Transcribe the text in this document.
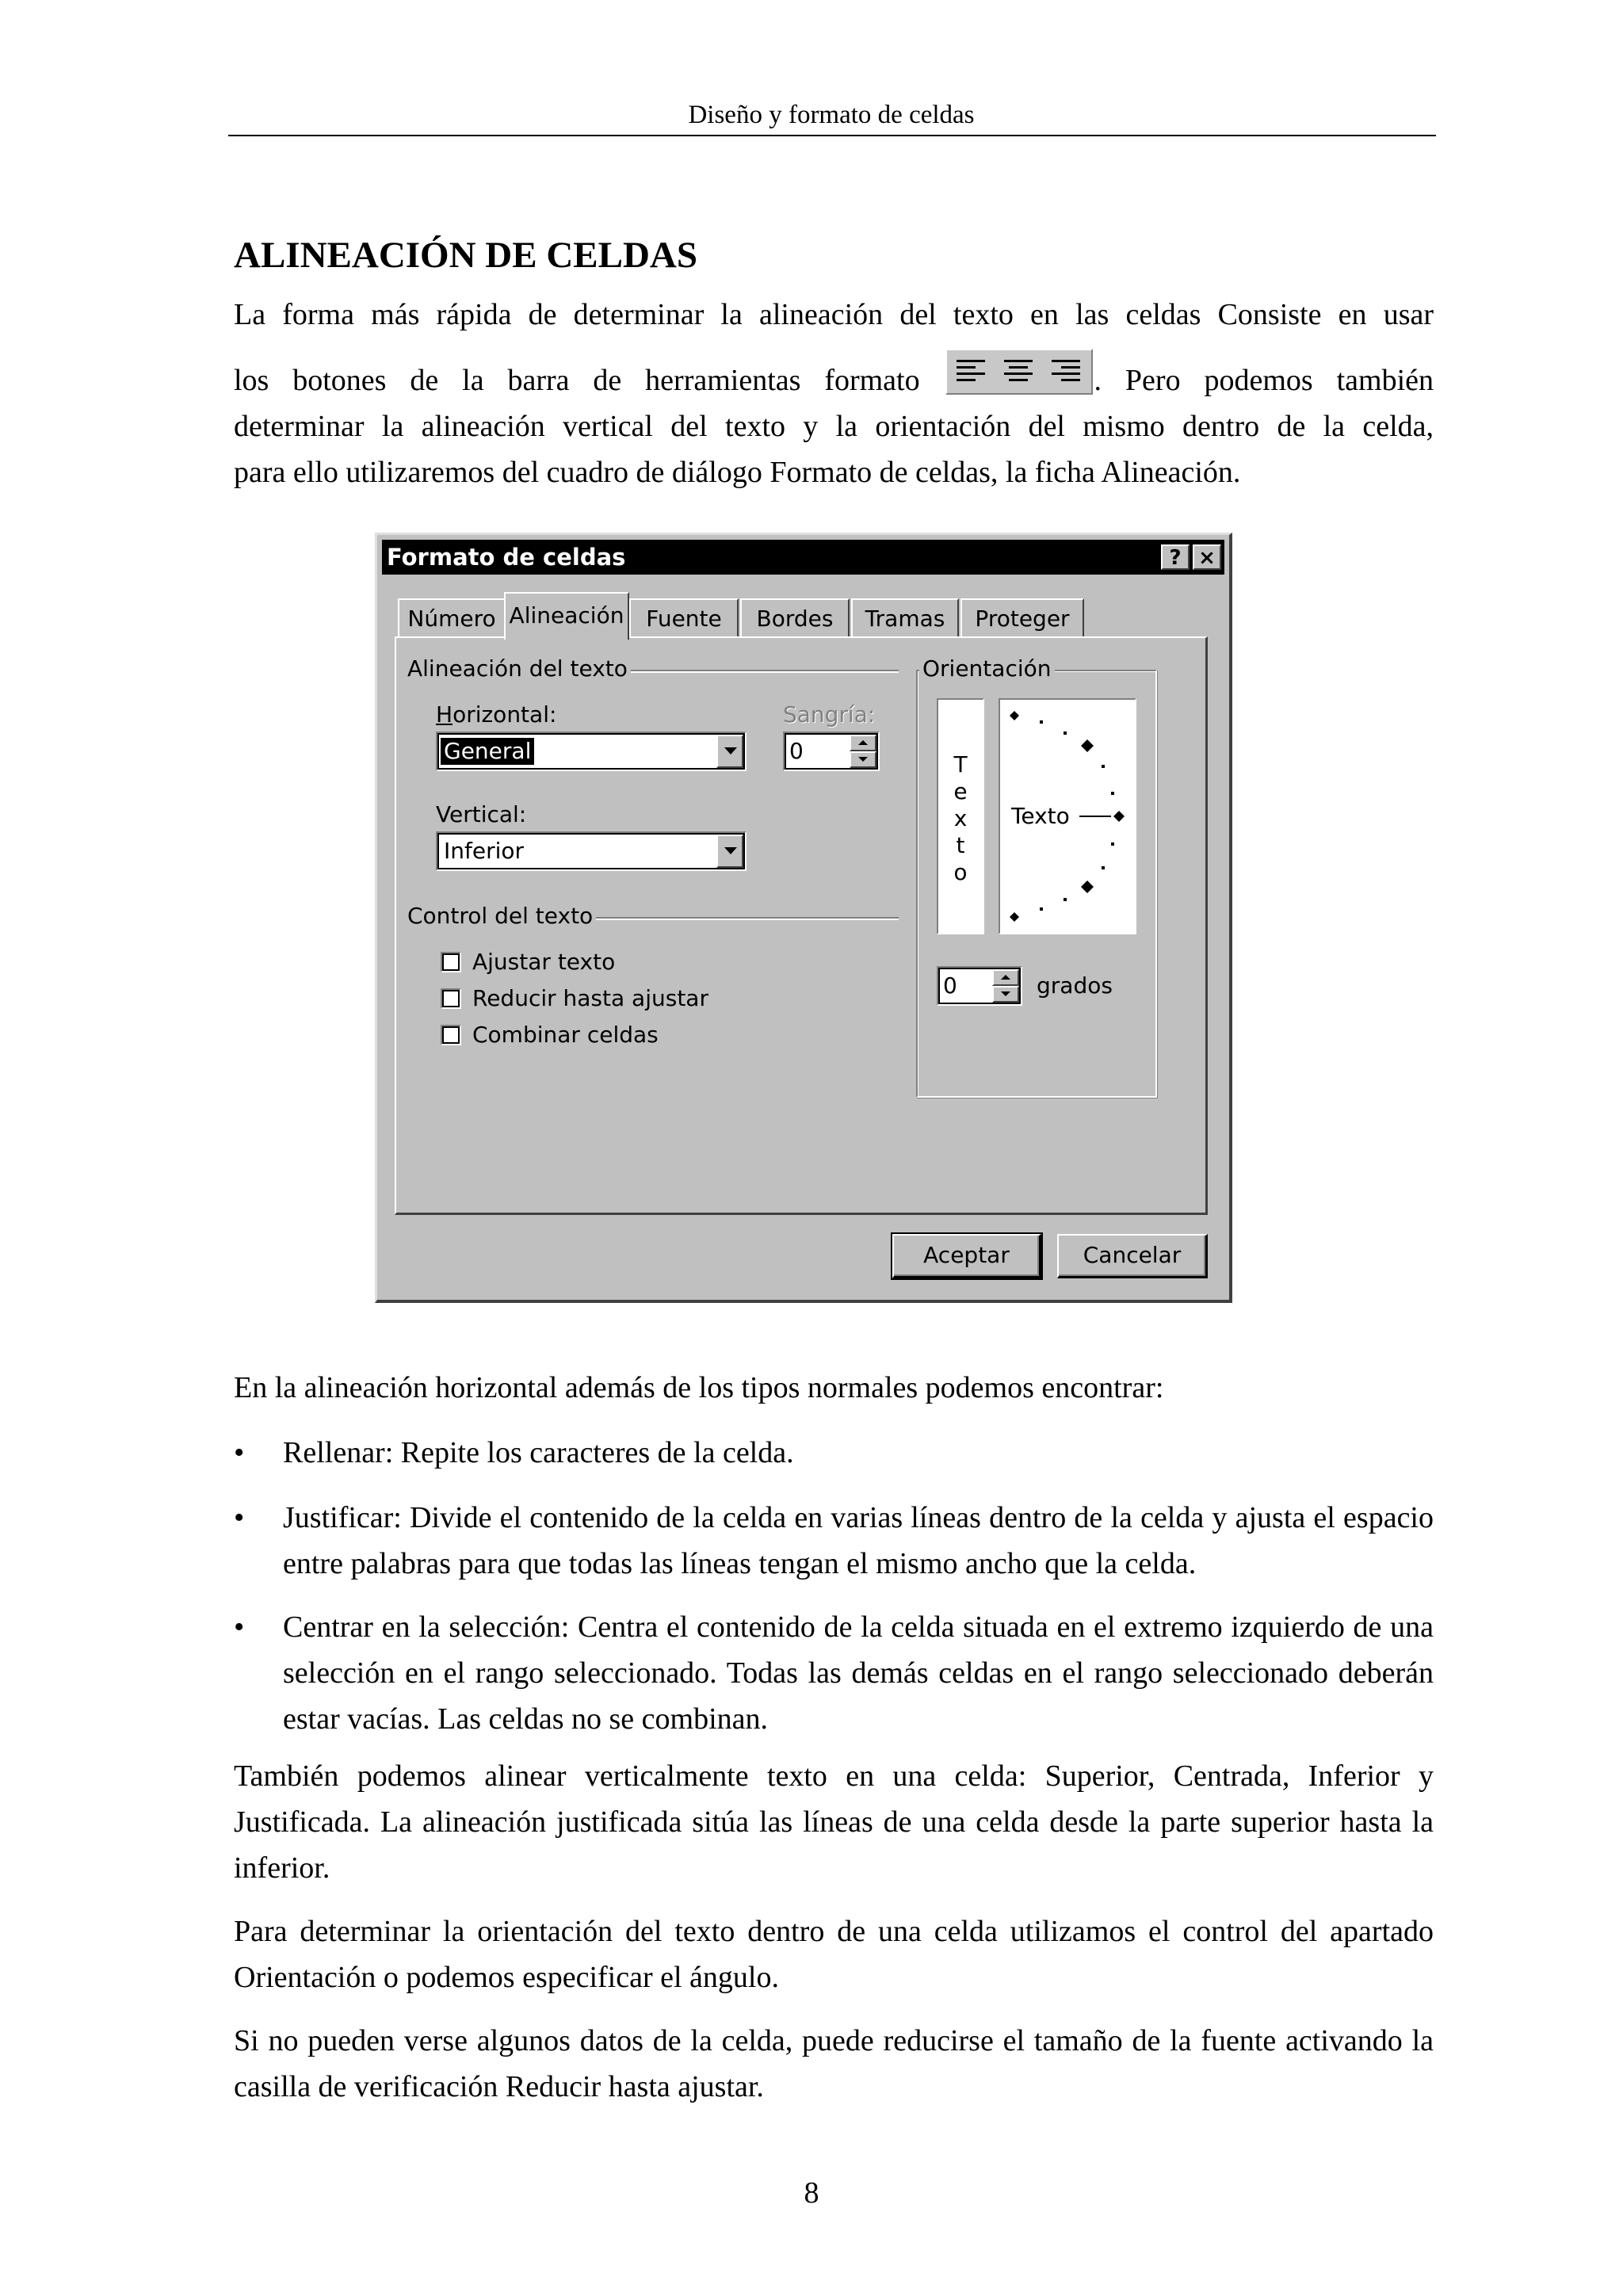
Diseño y formato de celdas
ALINEACIÓN DE CELDAS
La forma más rápida de determinar la alineación del texto en las celdas Consiste en usar
los botones de la barra de herramientas formato	. Pero podemos también
determinar la alineación vertical del texto y la orientación del mismo dentro de la celda,
para ello utilizaremos del cuadro de diálogo Formato de celdas, la ficha Alineación.
Formato de celdas	? ×
Número Alineación Fuente	Bordes	Tramas	Proteger
Alineación del texto
Horizontal:
General
Sangría:
0
Vertical:
Inferior
Control del texto
Ajustar texto
Reducir hasta ajustar
Combinar celdas
Orientación
T
e
x
t
o
Texto
0	grados
Aceptar	Cancelar

En la alineación horizontal además de los tipos normales podemos encontrar:

•	Rellenar: Repite los caracteres de la celda.
•	Justificar: Divide el contenido de la celda en varias líneas dentro de la celda y ajusta el espacio entre palabras para que todas las líneas tengan el mismo ancho que la celda.
•	Centrar en la selección: Centra el contenido de la celda situada en el extremo izquierdo de una selección en el rango seleccionado. Todas las demás celdas en el rango seleccionado deberán estar vacías. Las celdas no se combinan.

También podemos alinear verticalmente texto en una celda: Superior, Centrada, Inferior y Justificada. La alineación justificada sitúa las líneas de una celda desde la parte superior hasta la inferior.

Para determinar la orientación del texto dentro de una celda utilizamos el control del apartado Orientación o podemos especificar el ángulo.

Si no pueden verse algunos datos de la celda, puede reducirse el tamaño de la fuente activando la casilla de verificación Reducir hasta ajustar.

8
